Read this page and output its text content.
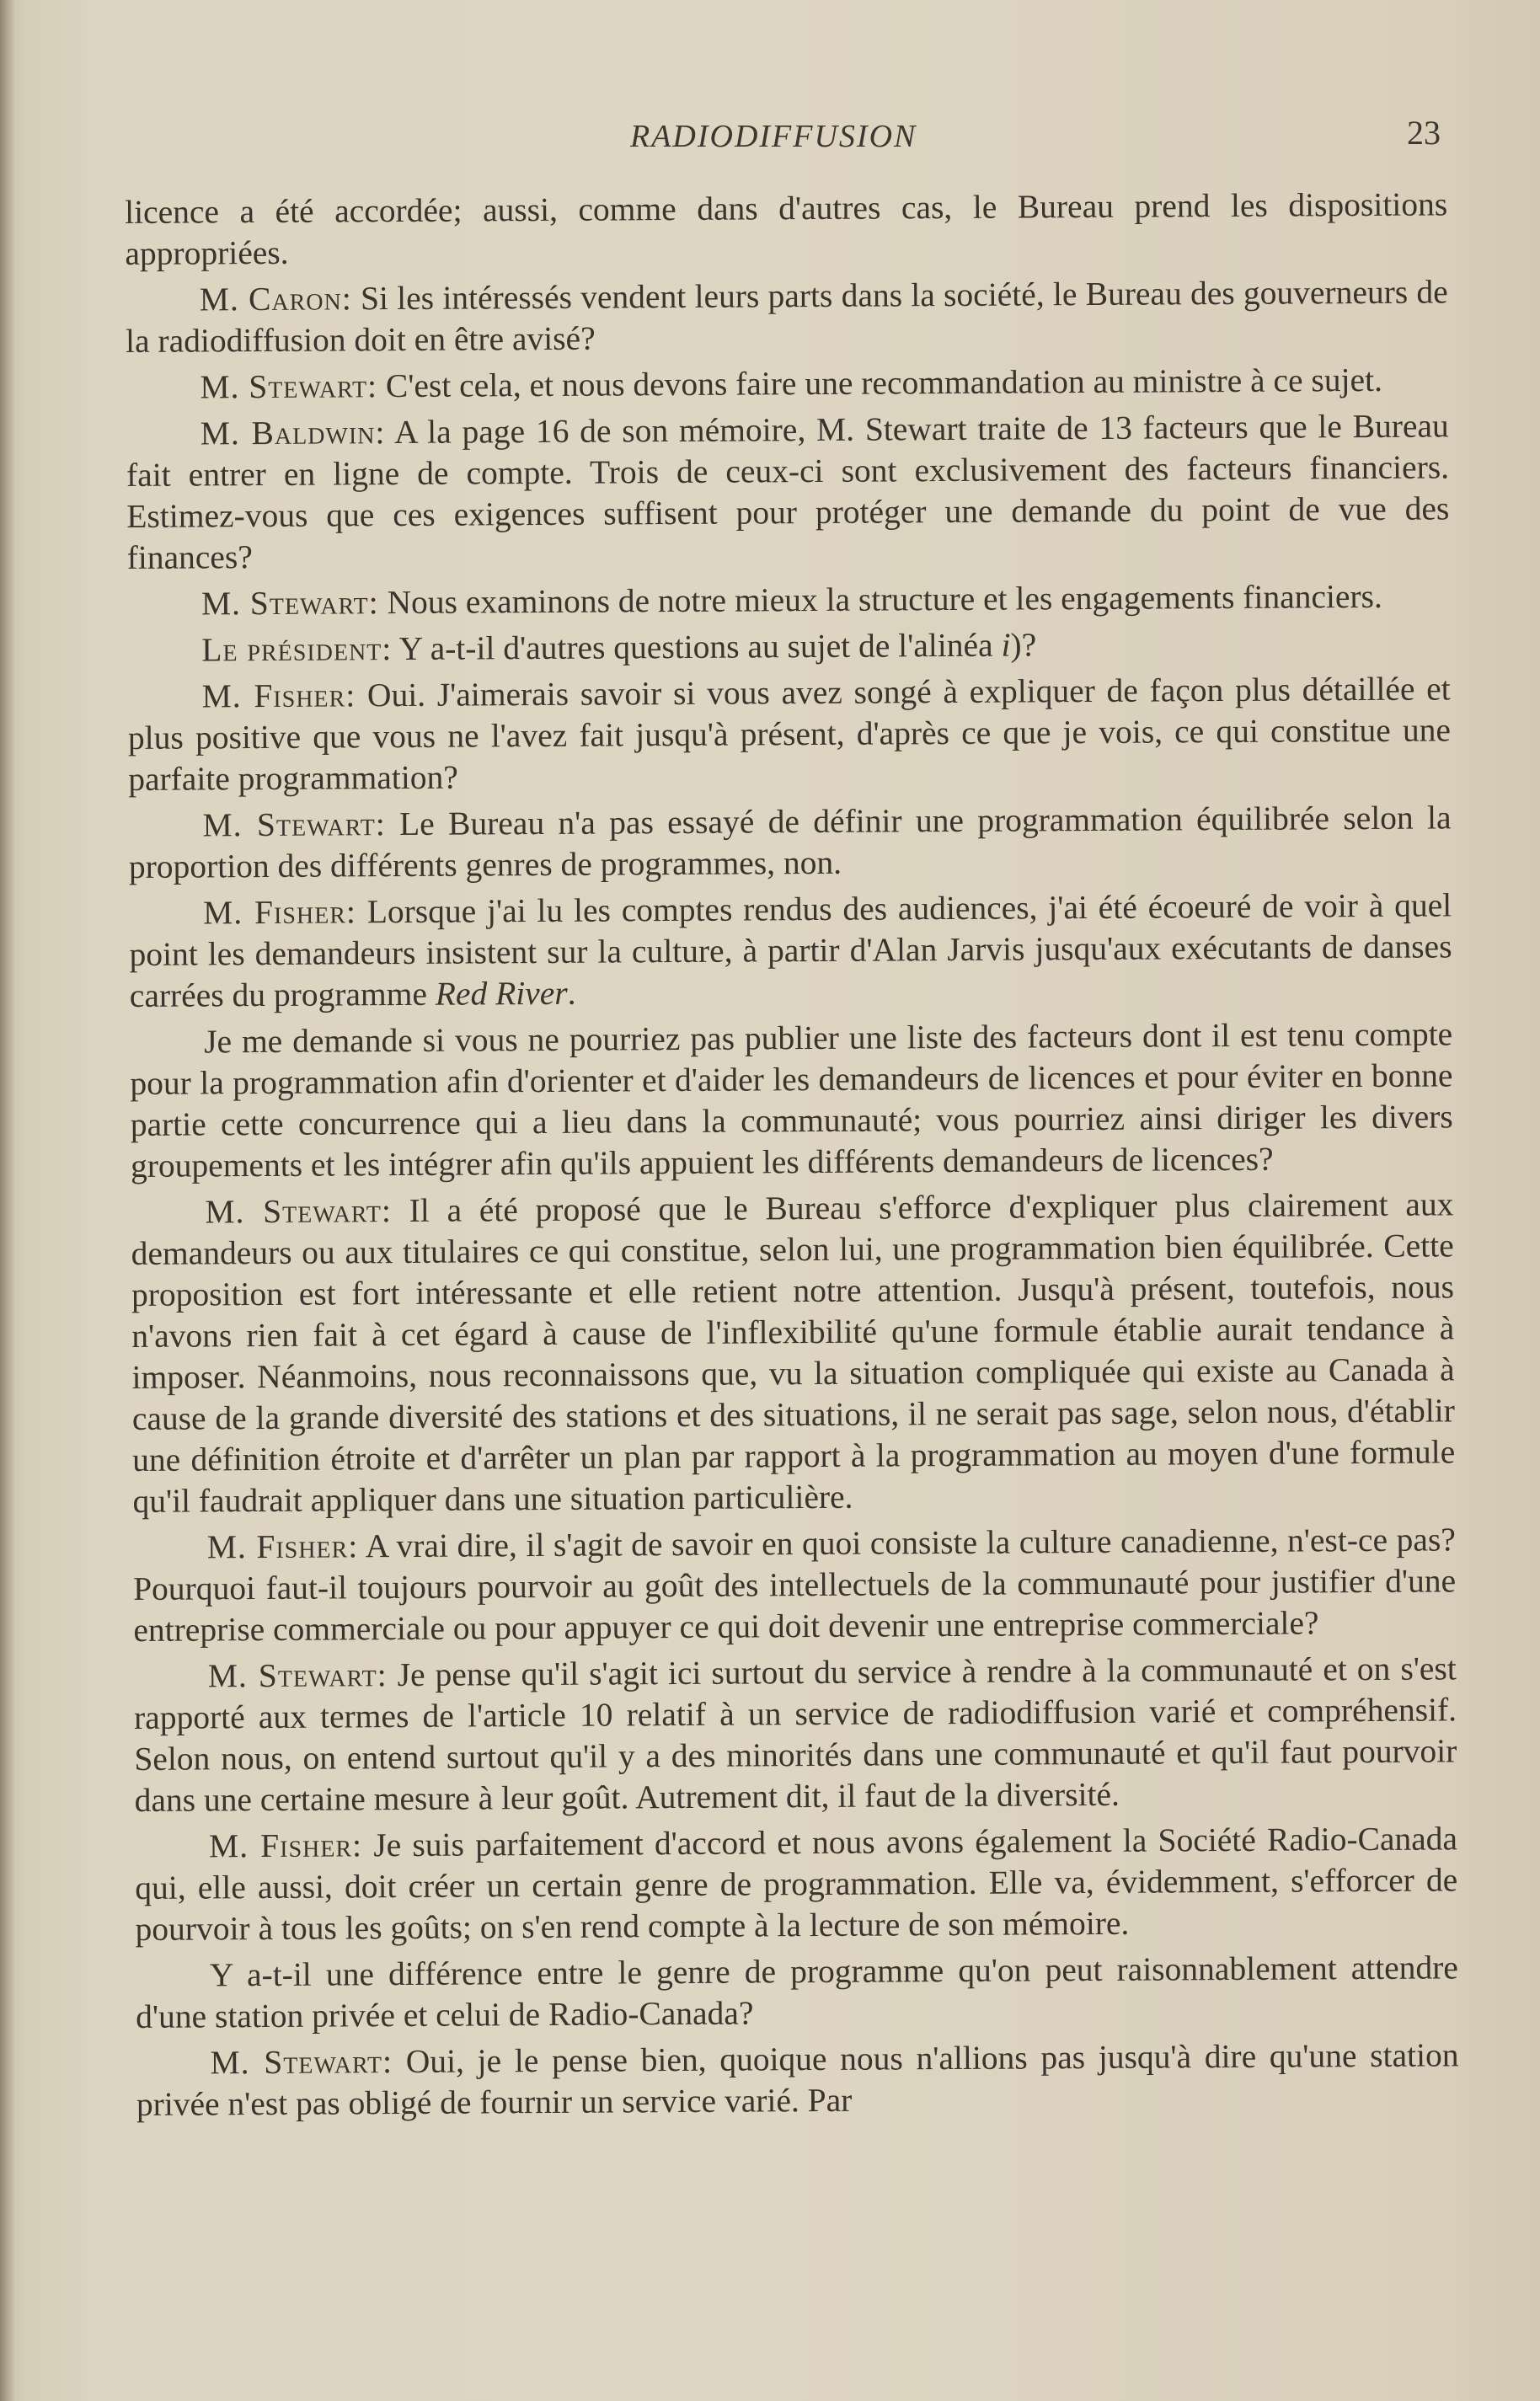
RADIODIFFUSION	23

licence a été accordée; aussi, comme dans d'autres cas, le Bureau prend les dispositions appropriées.

M. Caron: Si les intéressés vendent leurs parts dans la société, le Bureau des gouverneurs de la radiodiffusion doit en être avisé?

M. Stewart: C'est cela, et nous devons faire une recommandation au ministre à ce sujet.

M. Baldwin: A la page 16 de son mémoire, M. Stewart traite de 13 facteurs que le Bureau fait entrer en ligne de compte. Trois de ceux-ci sont exclusivement des facteurs financiers. Estimez-vous que ces exigences suffisent pour protéger une demande du point de vue des finances?

M. Stewart: Nous examinons de notre mieux la structure et les engagements financiers.

Le président: Y a-t-il d'autres questions au sujet de l'alinéa i)?

M. Fisher: Oui. J'aimerais savoir si vous avez songé à expliquer de façon plus détaillée et plus positive que vous ne l'avez fait jusqu'à présent, d'après ce que je vois, ce qui constitue une parfaite programmation?

M. Stewart: Le Bureau n'a pas essayé de définir une programmation équilibrée selon la proportion des différents genres de programmes, non.

M. Fisher: Lorsque j'ai lu les comptes rendus des audiences, j'ai été écoeuré de voir à quel point les demandeurs insistent sur la culture, à partir d'Alan Jarvis jusqu'aux exécutants de danses carrées du programme Red River.

Je me demande si vous ne pourriez pas publier une liste des facteurs dont il est tenu compte pour la programmation afin d'orienter et d'aider les demandeurs de licences et pour éviter en bonne partie cette concurrence qui a lieu dans la communauté; vous pourriez ainsi diriger les divers groupements et les intégrer afin qu'ils appuient les différents demandeurs de licences?

M. Stewart: Il a été proposé que le Bureau s'efforce d'expliquer plus clairement aux demandeurs ou aux titulaires ce qui constitue, selon lui, une programmation bien équilibrée. Cette proposition est fort intéressante et elle retient notre attention. Jusqu'à présent, toutefois, nous n'avons rien fait à cet égard à cause de l'inflexibilité qu'une formule établie aurait tendance à imposer. Néanmoins, nous reconnaissons que, vu la situation compliquée qui existe au Canada à cause de la grande diversité des stations et des situations, il ne serait pas sage, selon nous, d'établir une définition étroite et d'arrêter un plan par rapport à la programmation au moyen d'une formule qu'il faudrait appliquer dans une situation particulière.

M. Fisher: A vrai dire, il s'agit de savoir en quoi consiste la culture canadienne, n'est-ce pas? Pourquoi faut-il toujours pourvoir au goût des intellectuels de la communauté pour justifier d'une entreprise commerciale ou pour appuyer ce qui doit devenir une entreprise commerciale?

M. Stewart: Je pense qu'il s'agit ici surtout du service à rendre à la communauté et on s'est rapporté aux termes de l'article 10 relatif à un service de radiodiffusion varié et compréhensif. Selon nous, on entend surtout qu'il y a des minorités dans une communauté et qu'il faut pourvoir dans une certaine mesure à leur goût. Autrement dit, il faut de la diversité.

M. Fisher: Je suis parfaitement d'accord et nous avons également la Société Radio-Canada qui, elle aussi, doit créer un certain genre de programmation. Elle va, évidemment, s'efforcer de pourvoir à tous les goûts; on s'en rend compte à la lecture de son mémoire.

Y a-t-il une différence entre le genre de programme qu'on peut raisonnablement attendre d'une station privée et celui de Radio-Canada?

M. Stewart: Oui, je le pense bien, quoique nous n'allions pas jusqu'à dire qu'une station privée n'est pas obligé de fournir un service varié. Par
